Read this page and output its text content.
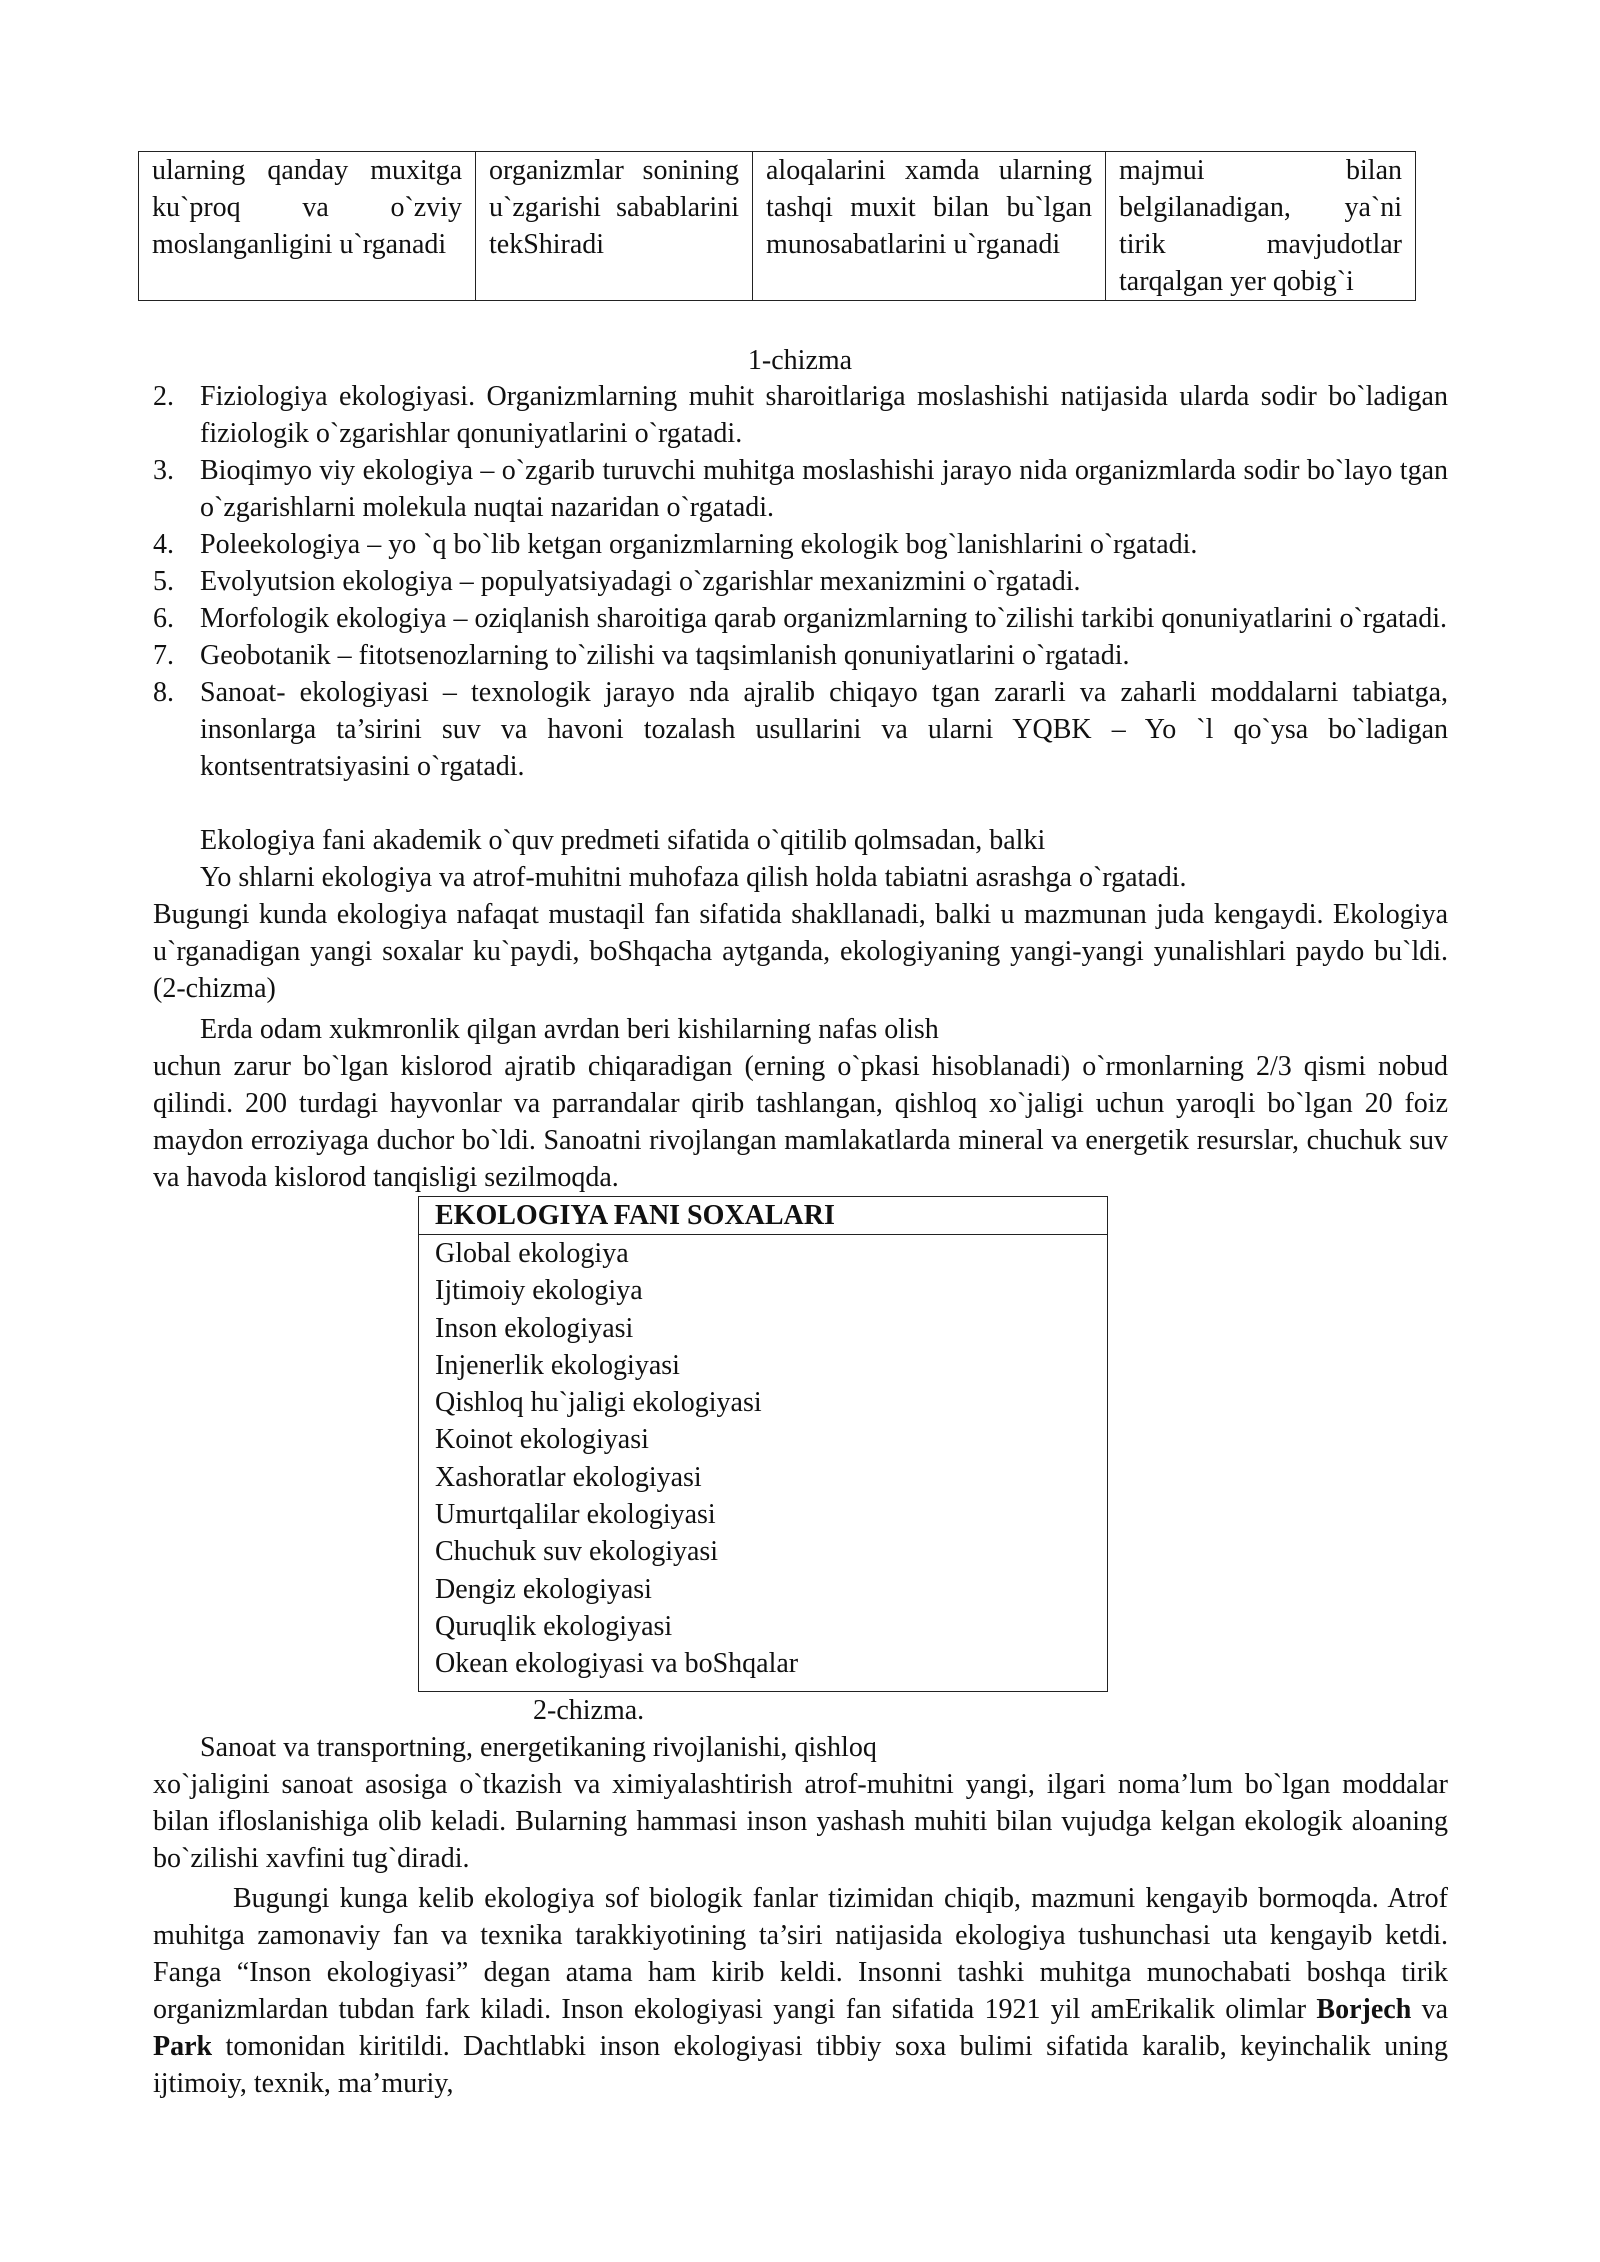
ularning qanday muxitga ku`proq va o`zviy moslanganligini u`rganadi	organizmlar sonining u`zgarishi sabablarini tekShiradi	aloqalarini xamda ularning tashqi muxit bilan bu`lgan munosabatlarini u`rganadi	majmui bilan belgilanadigan, ya`ni tirik mavjudotlar tarqalgan yer qobig`i
1-chizma
2. Fiziologiya ekologiyasi. Organizmlarning muhit sharoitlariga moslashishi natijasida ularda sodir bo`ladigan fiziologik o`zgarishlar qonuniyatlarini o`rgatadi.
3. Bioqimyo viy ekologiya – o`zgarib turuvchi muhitga moslashishi jarayo nida organizmlarda sodir bo`layo tgan o`zgarishlarni molekula nuqtai nazaridan o`rgatadi.
4. Poleekologiya – yo `q bo`lib ketgan organizmlarning ekologik bog`lanishlarini o`rgatadi.
5. Evolyutsion ekologiya – populyatsiyadagi o`zgarishlar mexanizmini o`rgatadi.
6. Morfologik ekologiya – oziqlanish sharoitiga qarab organizmlarning to`zilishi tarkibi qonuniyatlarini o`rgatadi.
7. Geobotanik – fitotsenozlarning to`zilishi va taqsimlanish qonuniyatlarini o`rgatadi.
8. Sanoat- ekologiyasi – texnologik jarayo nda ajralib chiqayo tgan zararli va zaharli moddalarni tabiatga, insonlarga ta’sirini suv va havoni tozalash usullarini va ularni YQBK – Yo `l qo`ysa bo`ladigan kontsentratsiyasini o`rgatadi.

Ekologiya fani akademik o`quv predmeti sifatida o`qitilib qolmsadan, balki

Yo shlarni ekologiya va atrof-muhitni muhofaza qilish holda tabiatni asrashga o`rgatadi.

Bugungi kunda ekologiya nafaqat mustaqil fan sifatida shakllanadi, balki u mazmunan juda kengaydi. Ekologiya u`rganadigan yangi soxalar ku`paydi, boShqacha aytganda, ekologiyaning yangi-yangi yunalishlari paydo bu`ldi.(2-chizma)

Erda odam xukmronlik qilgan avrdan beri kishilarning nafas olish

uchun zarur bo`lgan kislorod ajratib chiqaradigan (erning o`pkasi hisoblanadi) o`rmonlarning 2/3 qismi nobud qilindi. 200 turdagi hayvonlar va parrandalar qirib tashlangan, qishloq xo`jaligi uchun yaroqli bo`lgan 20 foiz maydon erroziyaga duchor bo`ldi. Sanoatni rivojlangan mamlakatlarda mineral va energetik resurslar, chuchuk suv va havoda kislorod tanqisligi sezilmoqda.

EKOLOGIYA FANI SOXALARI
Global ekologiya
Ijtimoiy ekologiya
Inson ekologiyasi
Injenerlik ekologiyasi
Qishloq hu`jaligi ekologiyasi
Koinot ekologiyasi
Xashoratlar ekologiyasi
Umurtqalilar ekologiyasi
Chuchuk suv ekologiyasi
Dengiz ekologiyasi
Quruqlik ekologiyasi
Okean ekologiyasi va boShqalar
2-chizma.

Sanoat va transportning, energetikaning rivojlanishi, qishloq

xo`jaligini sanoat asosiga o`tkazish va ximiyalashtirish atrof-muhitni yangi, ilgari noma’lum bo`lgan moddalar bilan ifloslanishiga olib keladi. Bularning hammasi inson yashash muhiti bilan vujudga kelgan ekologik aloaning bo`zilishi xavfini tug`diradi.

Bugungi kunga kelib ekologiya sof biologik fanlar tizimidan chiqib, mazmuni kengayib bormoqda. Atrof muhitga zamonaviy fan va texnika tarakkiyotining ta’siri natijasida ekologiya tushunchasi uta kengayib ketdi. Fanga “Inson ekologiyasi” degan atama ham kirib keldi. Insonni tashki muhitga munochabati boshqa tirik organizmlardan tubdan fark kiladi. Inson ekologiyasi yangi fan sifatida 1921 yil amErikalik olimlar Borjech va Park tomonidan kiritildi. Dachtlabki inson ekologiyasi tibbiy soxa bulimi sifatida karalib, keyinchalik uning ijtimoiy, texnik, ma’muriy,
